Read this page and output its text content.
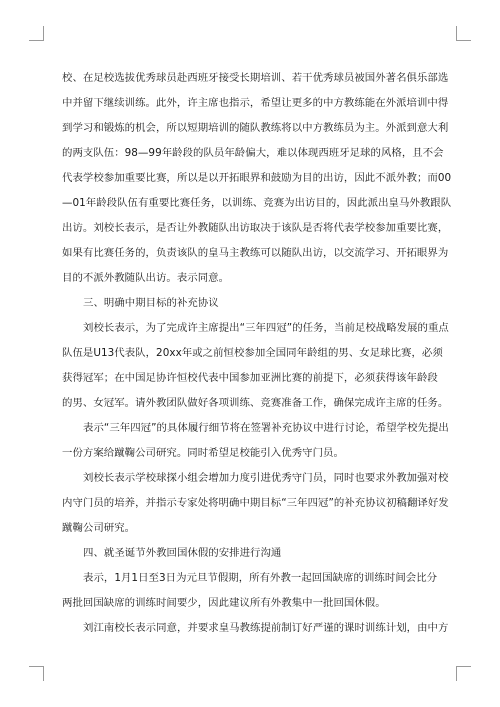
校、在足校选拔优秀球员赴西班牙接受长期培训、若干优秀球员被国外著名俱乐部选
中并留下继续训练。此外，许主席也指示，希望让更多的中方教练能在外派培训中得
到学习和锻炼的机会，所以短期培训的随队教练将以中方教练员为主。外派到意大利
的两支队伍：98—99年龄段的队员年龄偏大，难以体现西班牙足球的风格，且不会
代表学校参加重要比赛，所以是以开拓眼界和鼓励为目的出访，因此不派外教；而00
—01年龄段队伍有重要比赛任务，以训练、竞赛为出访目的，因此派出皇马外教跟队
出访。刘校长表示，是否让外教随队出访取决于该队是否将代表学校参加重要比赛，
如果有比赛任务的，负责该队的皇马主教练可以随队出访，以交流学习、开拓眼界为
目的不派外教随队出访。表示同意。
三、明确中期目标的补充协议
刘校长表示，为了完成许主席提出“三年四冠”的任务，当前足校战略发展的重点
队伍是U13代表队，20xx年或之前恒校参加全国同年龄组的男、女足球比赛，必须
获得冠军；在中国足协许恒校代表中国参加亚洲比赛的前提下，必须获得该年龄段
的男、女冠军。请外教团队做好各项训练、竞赛准备工作，确保完成许主席的任务。
表示“三年四冠”的具体履行细节将在签署补充协议中进行讨论，希望学校先提出
一份方案给蹴鞠公司研究。同时希望足校能引入优秀守门员。
刘校长表示学校球探小组会增加力度引进优秀守门员，同时也要求外教加强对校
内守门员的培养，并指示专家处将明确中期目标“三年四冠”的补充协议初稿翻译好发
蹴鞠公司研究。
四、就圣诞节外教回国休假的安排进行沟通
表示，1月1日至3日为元旦节假期，所有外教一起回国缺席的训练时间会比分
两批回国缺席的训练时间要少，因此建议所有外教集中一批回国休假。
刘江南校长表示同意，并要求皇马教练提前制订好严谨的课时训练计划，由中方
